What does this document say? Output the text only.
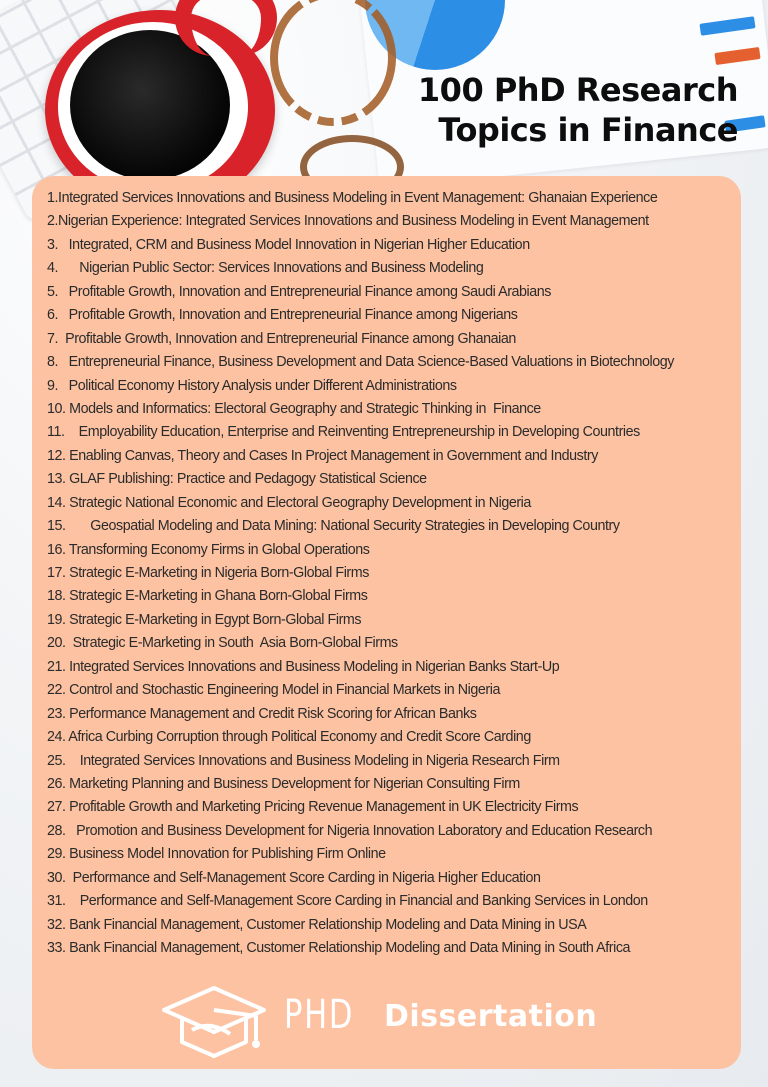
100 PhD Research
Topics in Finance
1.Integrated Services Innovations and Business Modeling in Event Management: Ghanaian Experience
2.Nigerian Experience: Integrated Services Innovations and Business Modeling in Event Management
3.   Integrated, CRM and Business Model Innovation in Nigerian Higher Education
4.      Nigerian Public Sector: Services Innovations and Business Modeling
5.   Profitable Growth, Innovation and Entrepreneurial Finance among Saudi Arabians
6.   Profitable Growth, Innovation and Entrepreneurial Finance among Nigerians
7.  Profitable Growth, Innovation and Entrepreneurial Finance among Ghanaian
8.   Entrepreneurial Finance, Business Development and Data Science-Based Valuations in Biotechnology
9.   Political Economy History Analysis under Different Administrations
10. Models and Informatics: Electoral Geography and Strategic Thinking in  Finance
11.    Employability Education, Enterprise and Reinventing Entrepreneurship in Developing Countries
12. Enabling Canvas, Theory and Cases In Project Management in Government and Industry
13. GLAF Publishing: Practice and Pedagogy Statistical Science
14. Strategic National Economic and Electoral Geography Development in Nigeria
15.       Geospatial Modeling and Data Mining: National Security Strategies in Developing Country
16. Transforming Economy Firms in Global Operations
17. Strategic E-Marketing in Nigeria Born-Global Firms
18. Strategic E-Marketing in Ghana Born-Global Firms
19. Strategic E-Marketing in Egypt Born-Global Firms
20.  Strategic E-Marketing in South  Asia Born-Global Firms
21. Integrated Services Innovations and Business Modeling in Nigerian Banks Start-Up
22. Control and Stochastic Engineering Model in Financial Markets in Nigeria
23. Performance Management and Credit Risk Scoring for African Banks
24. Africa Curbing Corruption through Political Economy and Credit Score Carding
25.    Integrated Services Innovations and Business Modeling in Nigeria Research Firm
26. Marketing Planning and Business Development for Nigerian Consulting Firm
27. Profitable Growth and Marketing Pricing Revenue Management in UK Electricity Firms
28.   Promotion and Business Development for Nigeria Innovation Laboratory and Education Research
29. Business Model Innovation for Publishing Firm Online
30.  Performance and Self-Management Score Carding in Nigeria Higher Education
31.    Performance and Self-Management Score Carding in Financial and Banking Services in London
32. Bank Financial Management, Customer Relationship Modeling and Data Mining in USA
33. Bank Financial Management, Customer Relationship Modeling and Data Mining in South Africa
PHD Dissertation
